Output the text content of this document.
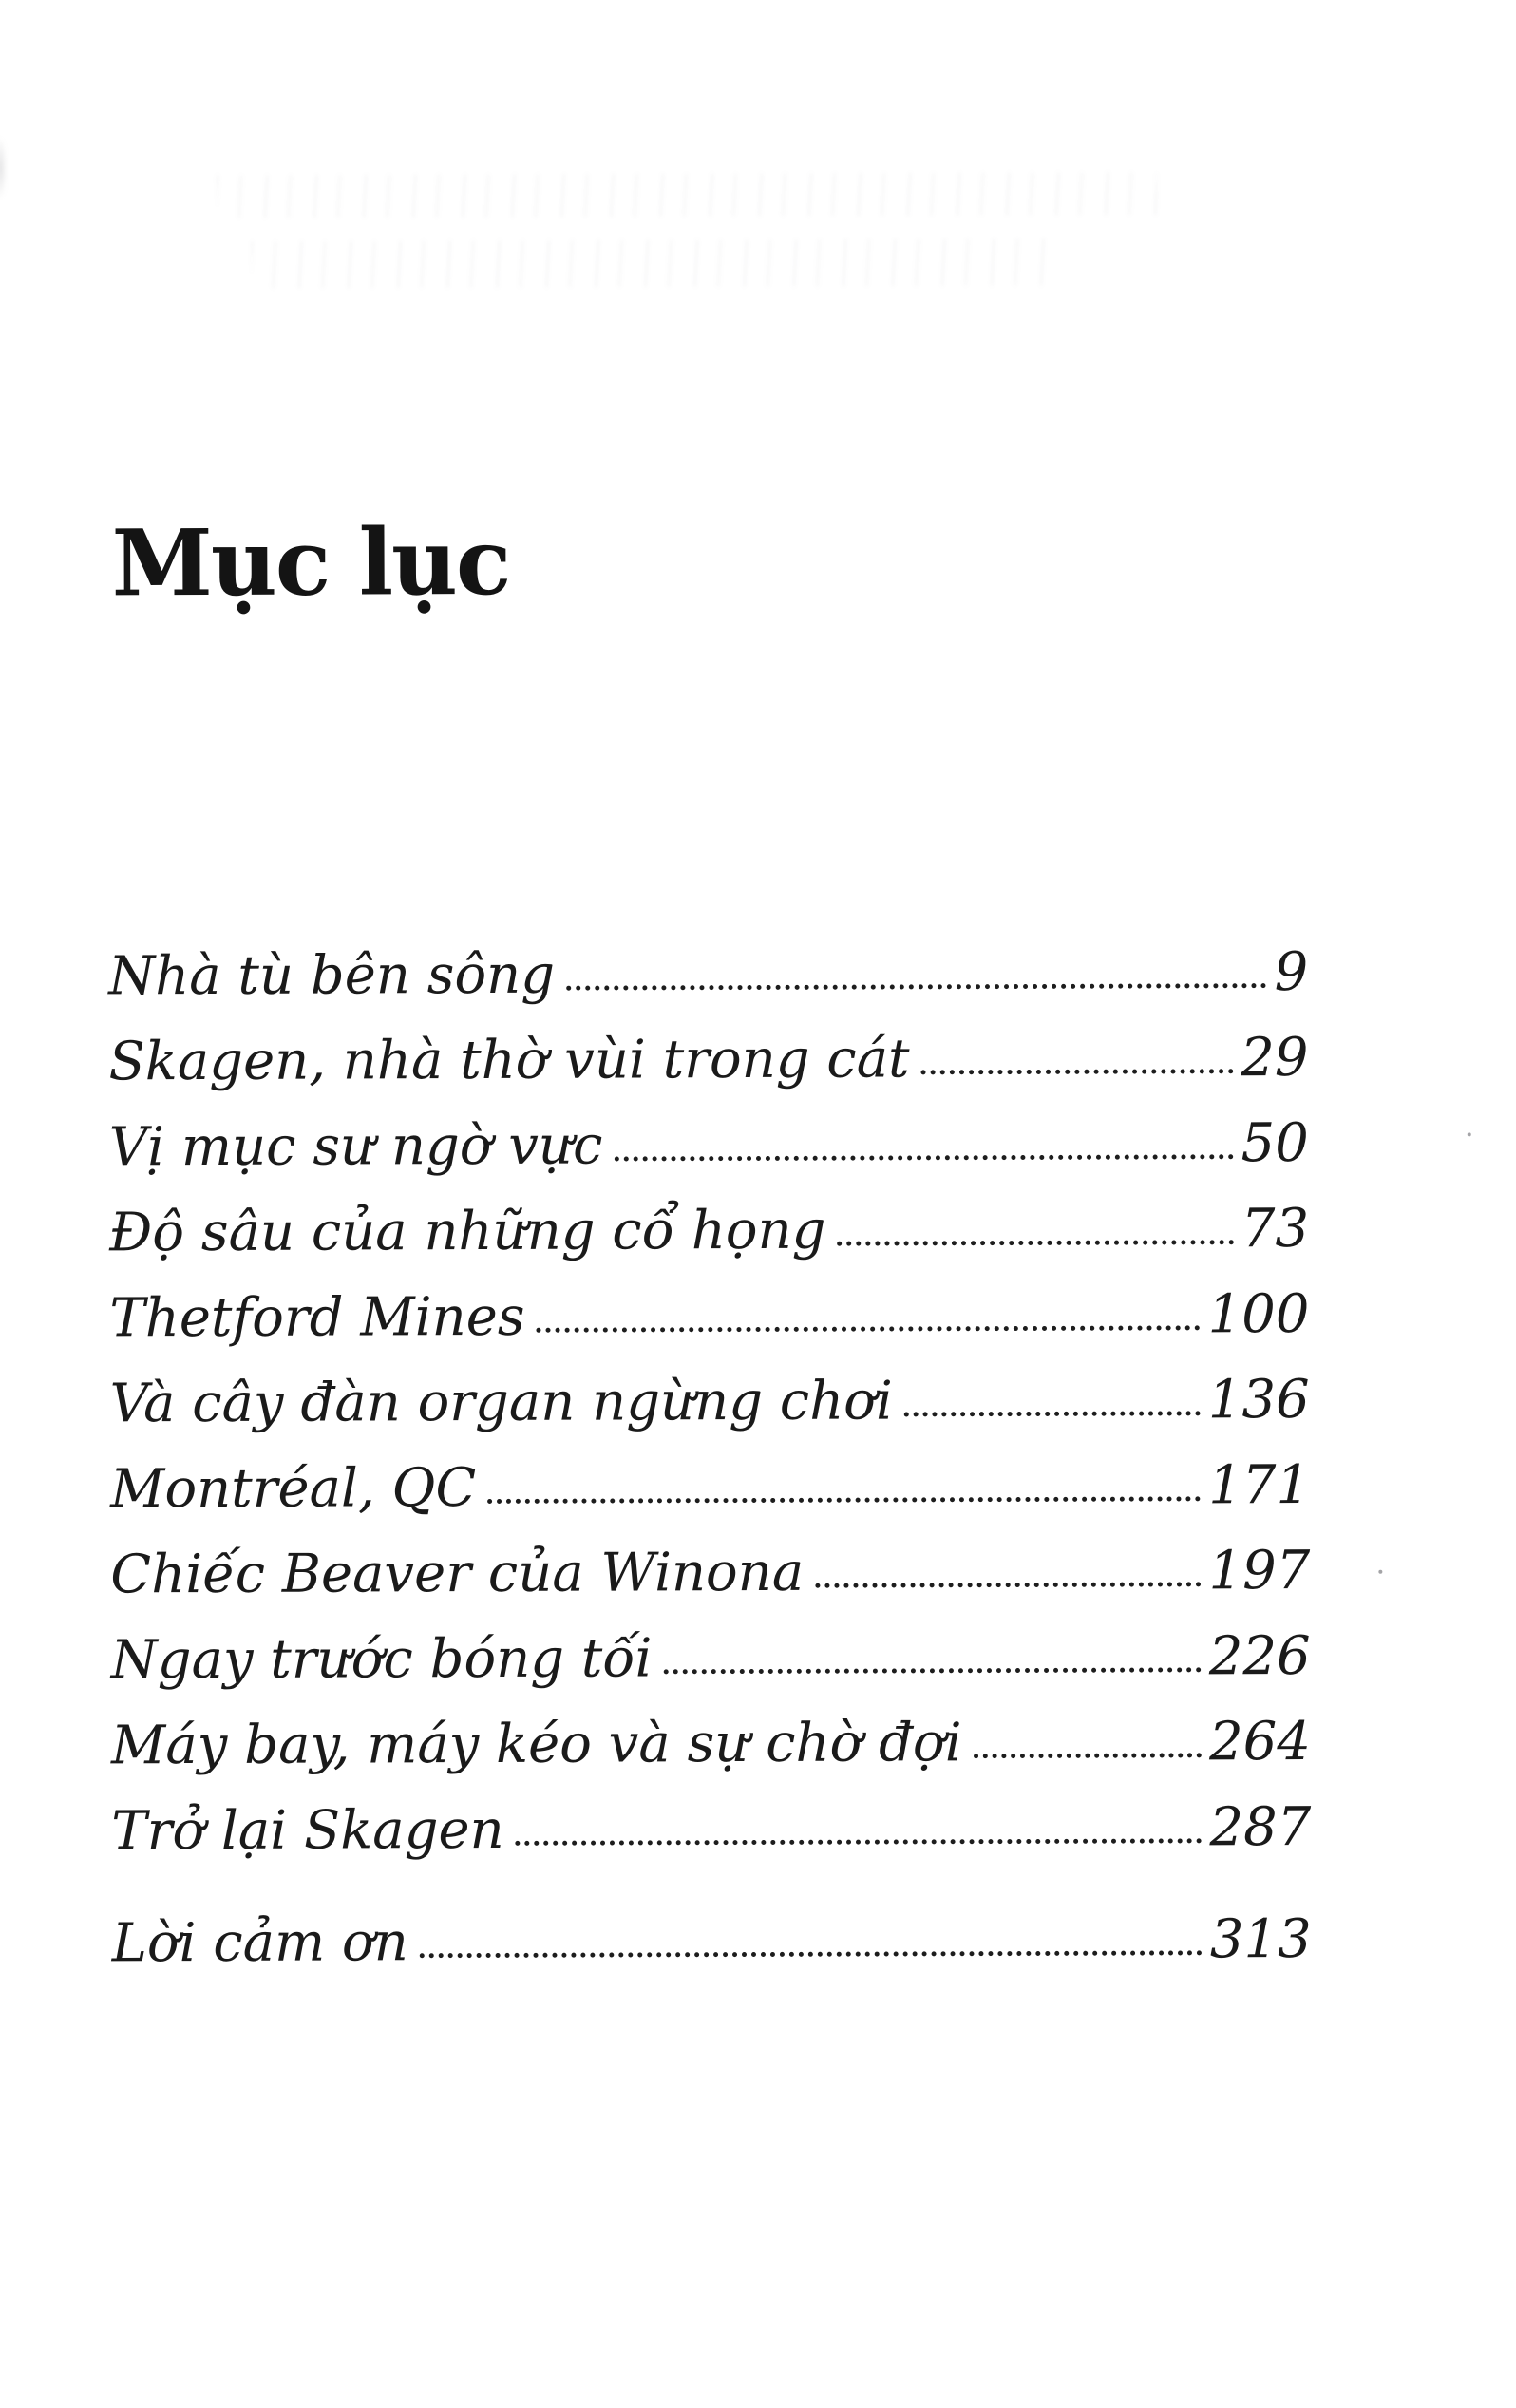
Mục lục
Nhà tù bên sông	9
Skagen, nhà thờ vùi trong cát	29
Vị mục sư ngờ vực	50
Độ sâu của những cổ họng	73
Thetford Mines	100
Và cây đàn organ ngừng chơi	136
Montréal, QC	171
Chiếc Beaver của Winona	197
Ngay trước bóng tối	226
Máy bay, máy kéo và sự chờ đợi	264
Trở lại Skagen	287
Lời cảm ơn	313
